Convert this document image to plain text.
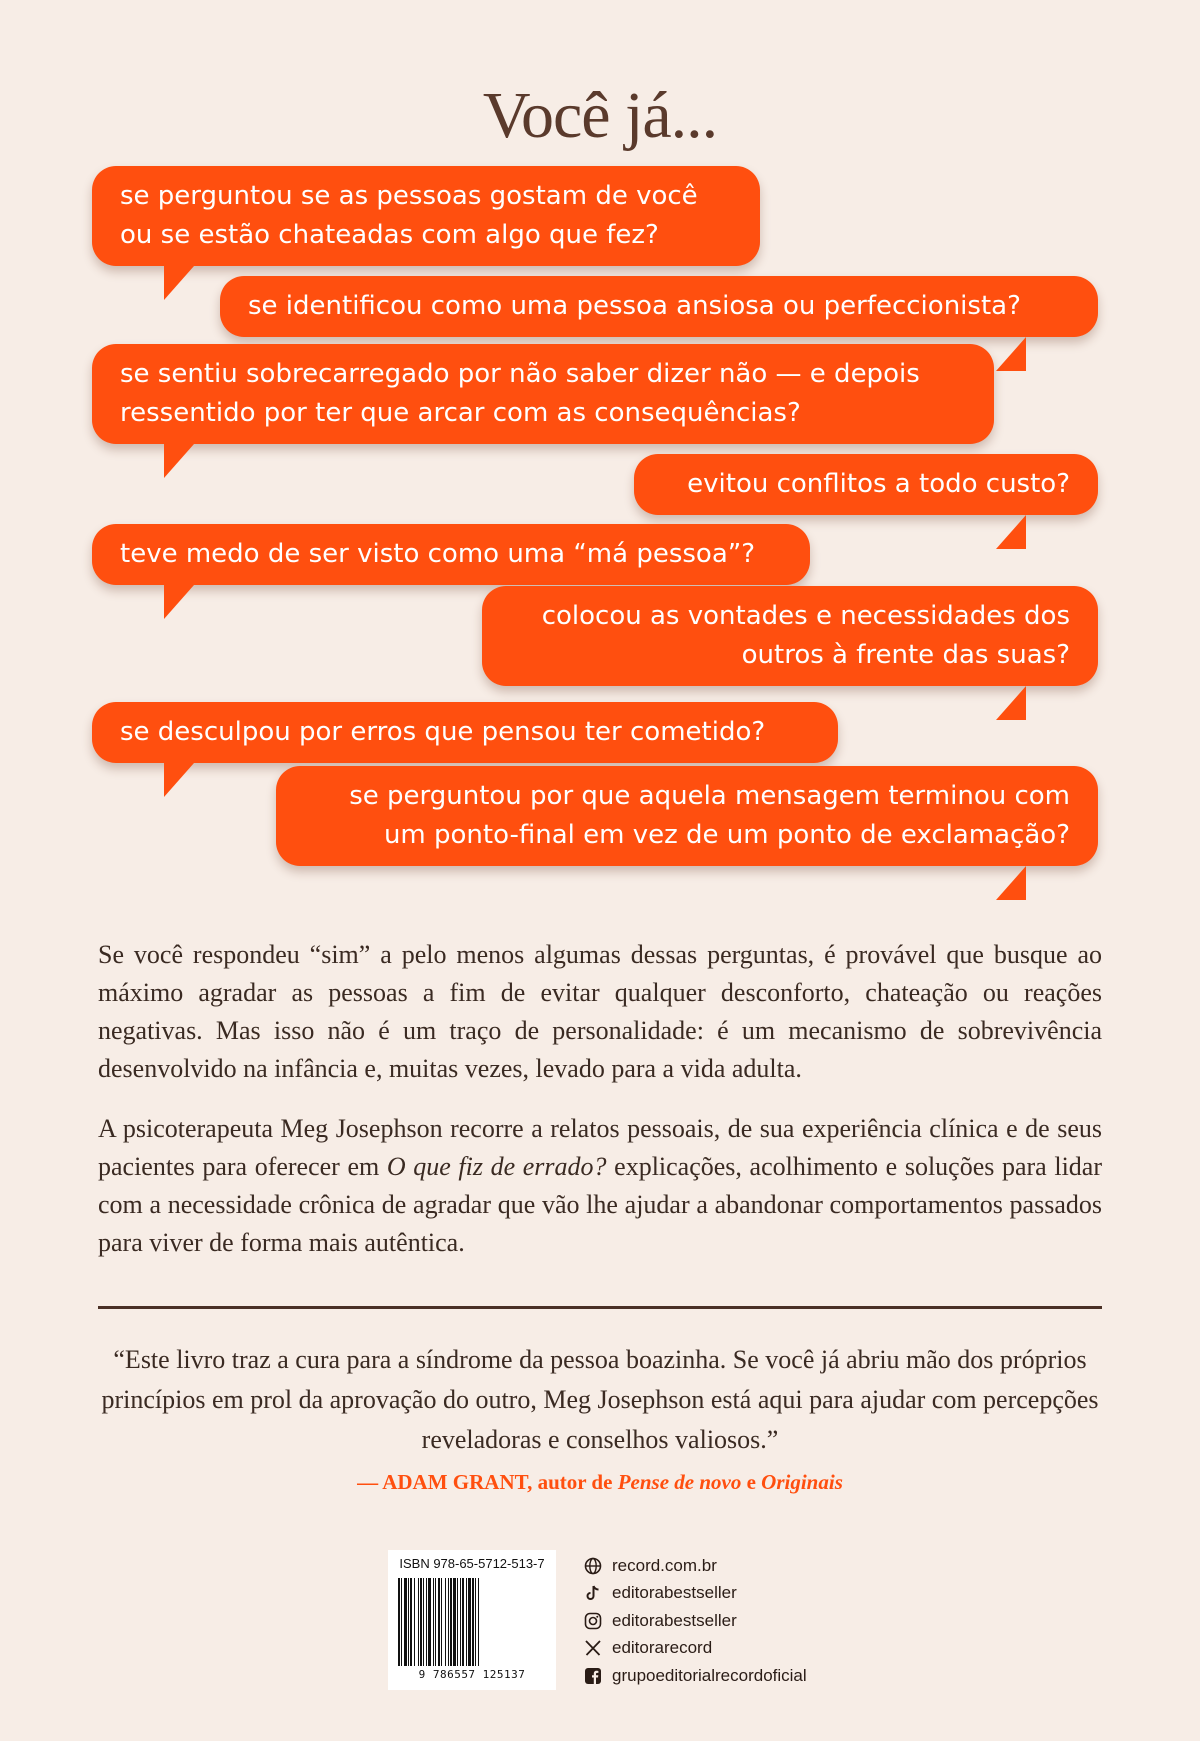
Você já...
se perguntou se as pessoas gostam de você
ou se estão chateadas com algo que fez?
se identificou como uma pessoa ansiosa ou perfeccionista?
se sentiu sobrecarregado por não saber dizer não — e depois
ressentido por ter que arcar com as consequências?
evitou conflitos a todo custo?
teve medo de ser visto como uma “má pessoa”?
colocou as vontades e necessidades dos
outros à frente das suas?
se desculpou por erros que pensou ter cometido?
se perguntou por que aquela mensagem terminou com
um ponto-final em vez de um ponto de exclamação?

Se você respondeu “sim” a pelo menos algumas dessas perguntas, é provável que busque ao máximo agradar as pessoas a fim de evitar qualquer desconforto, chateação ou reações negativas. Mas isso não é um traço de personalidade: é um mecanismo de sobrevivência desenvolvido na infância e, muitas vezes, levado para a vida adulta.

A psicoterapeuta Meg Josephson recorre a relatos pessoais, de sua experiência clínica e de seus pacientes para oferecer em O que fiz de errado? explicações, acolhimento e soluções para lidar com a necessidade crônica de agradar que vão lhe ajudar a abandonar comportamentos passados para viver de forma mais autêntica.

“Este livro traz a cura para a síndrome da pessoa boazinha. Se você já abriu mão dos próprios princípios em prol da aprovação do outro, Meg Josephson está aqui para ajudar com percepções reveladoras e conselhos valiosos.”

— ADAM GRANT, autor de Pense de novo e Originais
ISBN 978-65-5712-513-7
9 786557 125137
record.com.br
editorabestseller
editorabestseller
editorarecord
grupoeditorialrecordoficial
